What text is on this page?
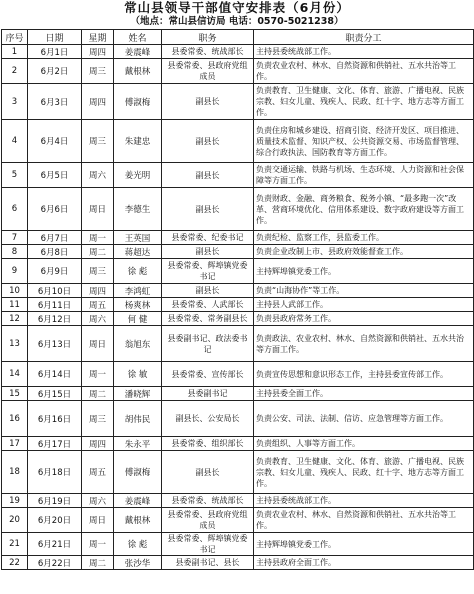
常山县领导干部值守安排表（6月份）
（地点：常山县信访局 电话：0570-5021238）
序号	日期	星期	姓名	职务	职责分工
1	6月1日	周四	姜震峰	县委常委、统战部长	主持县委统战部工作。
2	6月2日	周三	戴根林	县委常委、县政府党组成员	负责农业农村、林水、自然资源和供销社、五水共治等工作。
3	6月3日	周四	傅淑梅	副县长	负责教育、卫生健康、文化、体育、旅游、广播电视、民族宗教、妇女儿童、残疾人、民政、红十字、地方志等方面工作。
4	6月4日	周三	朱建忠	副县长	负责住房和城乡建设、招商引资、经济开发区、项目推进、质量技术监督、知识产权、公共资源交易、市场监督管理、综合行政执法、国防教育等方面工作。
5	6月5日	周六	姜光明	副县长	负责交通运输、铁路与机场、生态环境、人力资源和社会保障等方面工作。
6	6月6日	周日	李德生	副县长	负责财政、金融、商务粮食、税务小镇、“最多跑一次”改革、营商环境优化、信用体系建设、数字政府建设等方面工作。
7	6月7日	周一	王英国	县委常委、纪委书记	负责纪检、监察工作，县监委工作。
8	6月8日	周二	蒋超达	副县长	负责企业改制上市、县政府效能督查工作。
9	6月9日	周三	徐 彪	县委常委、辉埠镇党委书记	主持辉埠镇党委工作。
10	6月10日	周四	李鸿虹	副县长	负责“山海协作”等工作。
11	6月11日	周五	杨爽林	县委常委、人武部长	主持县人武部工作。
12	6月12日	周六	何 健	县委常委、常务副县长	负责县政府常务工作。
13	6月13日	周日	翁旭东	县委副书记、政法委书记	负责政法、农业农村、林水、自然资源和供销社、五水共治等方面工作。
14	6月14日	周一	徐 敏	县委常委、宣传部长	负责宣传思想和意识形态工作，主持县委宣传部工作。
15	6月15日	周二	潘晓辉	县委副书记	主持县委全面工作。
16	6月16日	周三	胡伟民	副县长、公安局长	负责公安、司法、法制、信访、应急管理等方面工作。
17	6月17日	周四	朱永平	县委常委、组织部长	负责组织、人事等方面工作。
18	6月18日	周五	傅淑梅	副县长	负责教育、卫生健康、文化、体育、旅游、广播电视、民族宗教、妇女儿童、残疾人、民政、红十字、地方志等方面工作。
19	6月19日	周六	姜震峰	县委常委、统战部长	主持县委统战部工作。
20	6月20日	周日	戴根林	县委常委、县政府党组成员	负责农业农村、林水、自然资源和供销社、五水共治等工作。
21	6月21日	周一	徐 彪	县委常委、辉埠镇党委书记	主持辉埠镇党委工作。
22	6月22日	周二	张沙华	县委副书记、县长	主持县政府全面工作。
